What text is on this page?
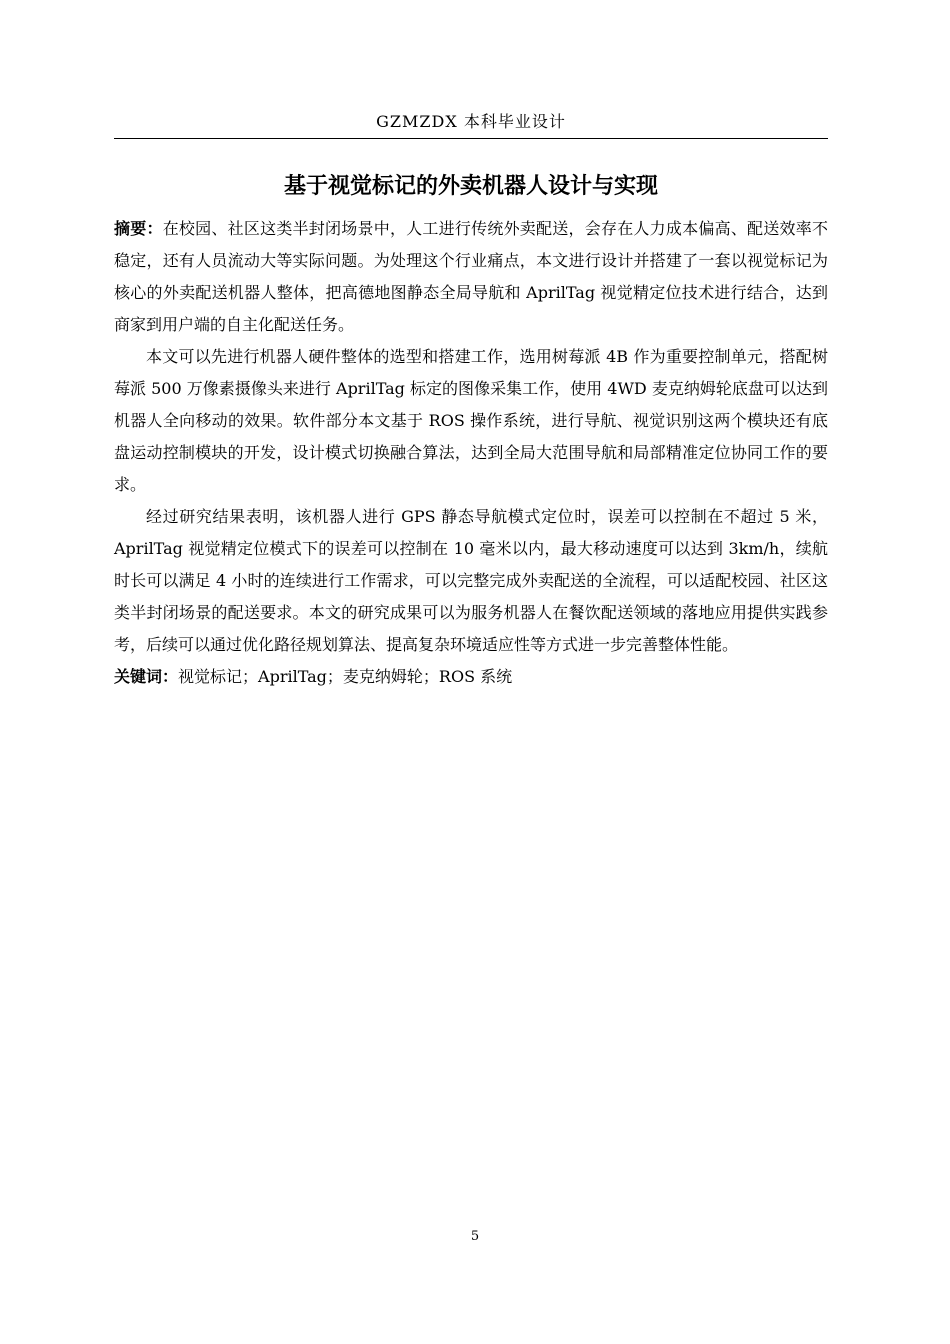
GZMZDX 本科毕业设计
基于视觉标记的外卖机器人设计与实现

摘要：在校园、社区这类半封闭场景中，人工进行传统外卖配送，会存在人力成本偏高、配送效率不稳定，还有人员流动大等实际问题。为处理这个行业痛点，本文进行设计并搭建了一套以视觉标记为核心的外卖配送机器人整体，把高德地图静态全局导航和 AprilTag 视觉精定位技术进行结合，达到商家到用户端的自主化配送任务。

本文可以先进行机器人硬件整体的选型和搭建工作，选用树莓派 4B 作为重要控制单元，搭配树莓派 500 万像素摄像头来进行 AprilTag 标定的图像采集工作，使用 4WD 麦克纳姆轮底盘可以达到机器人全向移动的效果。软件部分本文基于 ROS 操作系统，进行导航、视觉识别这两个模块还有底盘运动控制模块的开发，设计模式切换融合算法，达到全局大范围导航和局部精准定位协同工作的要求。

经过研究结果表明，该机器人进行 GPS 静态导航模式定位时，误差可以控制在不超过 5 米，AprilTag 视觉精定位模式下的误差可以控制在 10 毫米以内，最大移动速度可以达到 3km/h，续航时长可以满足 4 小时的连续进行工作需求，可以完整完成外卖配送的全流程，可以适配校园、社区这类半封闭场景的配送要求。本文的研究成果可以为服务机器人在餐饮配送领域的落地应用提供实践参考，后续可以通过优化路径规划算法、提高复杂环境适应性等方式进一步完善整体性能。

关键词：视觉标记；AprilTag；麦克纳姆轮；ROS 系统

5
